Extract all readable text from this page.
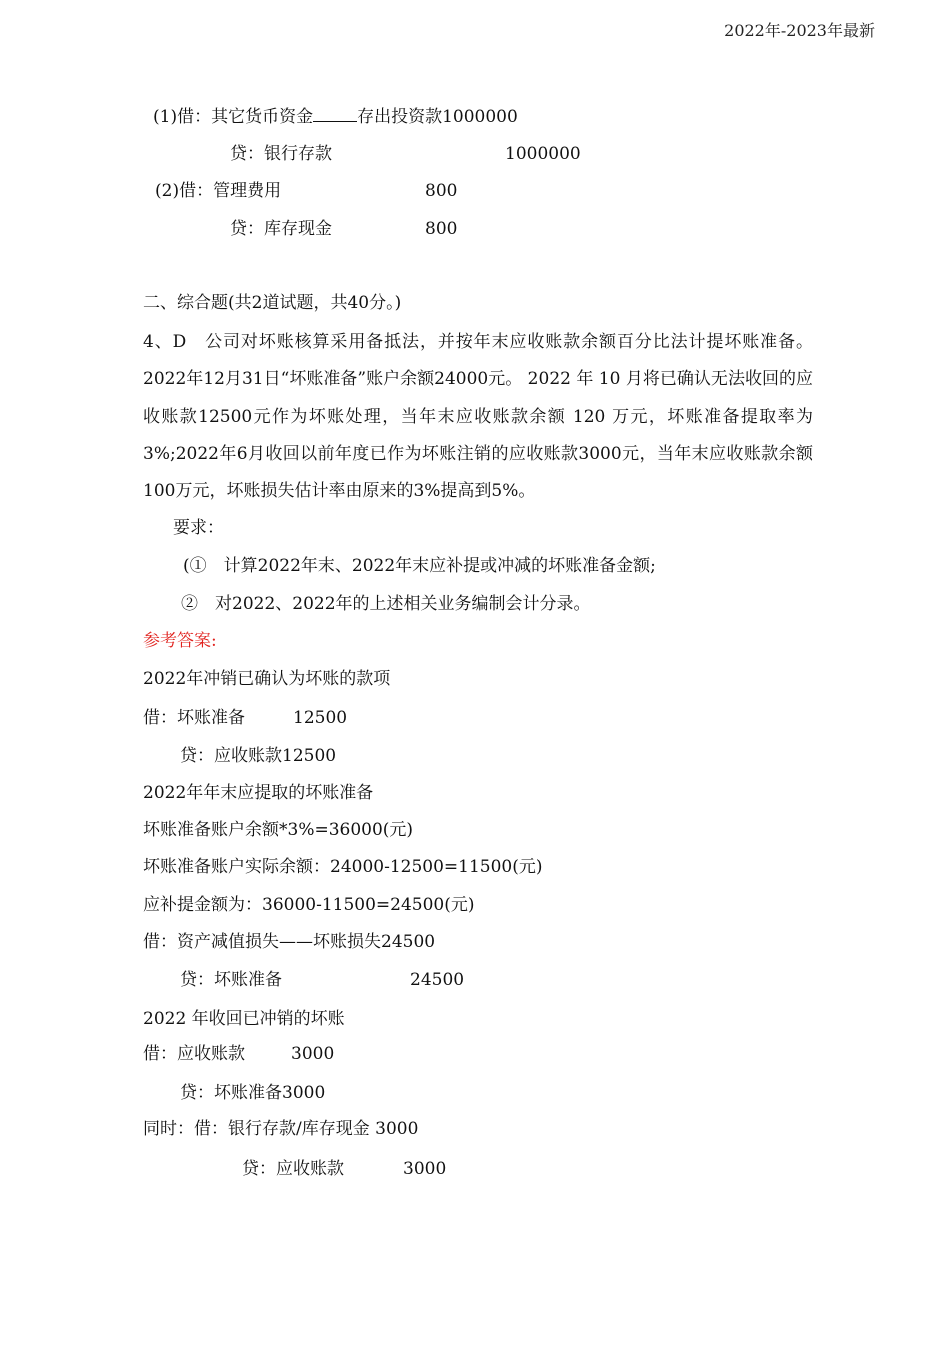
2022年-2023年最新
(1)借：其它货币资金	存出投资款1000000
贷：银行存款	1000000
(2)借：管理费用	800
贷：库存现金	800
二、综合题(共2道试题，共40分。)

4、D　公司对坏账核算采用备抵法，并按年末应收账款余额百分比法计提坏账准备。2022年12月31日“坏账准备”账户余额24000元。 2022 年 10 月将已确认无法收回的应收账款12500元作为坏账处理，当年末应收账款余额 120 万元，坏账准备提取率为3%;2022年6月收回以前年度已作为坏账注销的应收账款3000元，当年末应收账款余额100万元，坏账损失估计率由原来的3%提高到5%。

要求：
(①　计算2022年末、2022年末应补提或冲减的坏账准备金额;
②　对2022、2022年的上述相关业务编制会计分录。
参考答案:
2022年冲销已确认为坏账的款项
借：坏账准备	12500
贷：应收账款12500
2022年年末应提取的坏账准备
坏账准备账户余额*3%=36000(元)
坏账准备账户实际余额：24000-12500=11500(元)
应补提金额为：36000-11500=24500(元)
借：资产减值损失——坏账损失24500
贷：坏账准备	24500
2022 年收回已冲销的坏账
借：应收账款	3000
贷：坏账准备3000
同时：借：银行存款/库存现金 3000
贷：应收账款	3000
